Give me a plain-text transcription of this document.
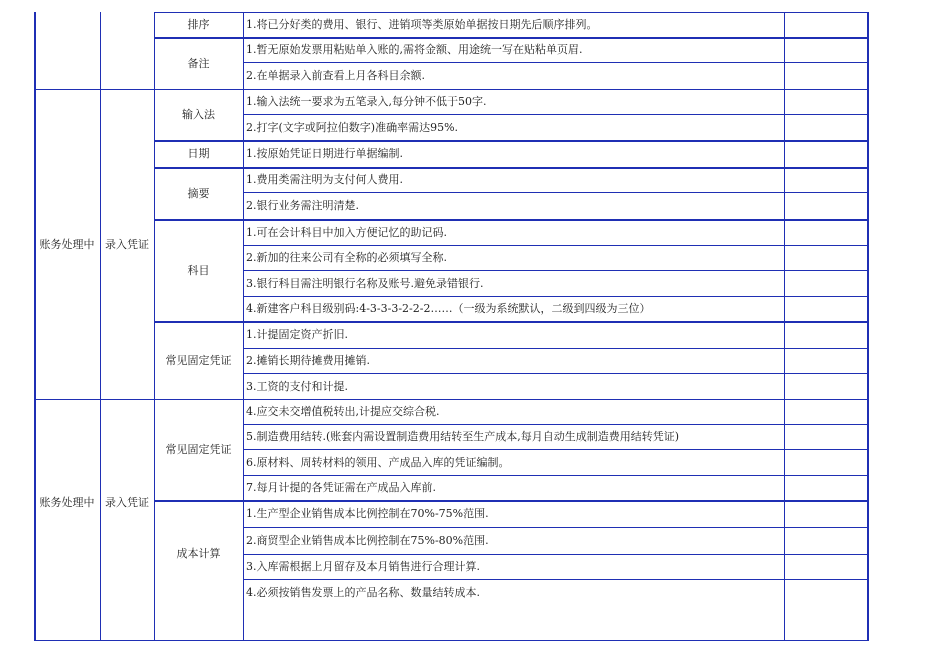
1.将已分好类的费用、银行、进销项等类原始单据按日期先后顺序排列。
排序
1.暂无原始发票用粘贴单入账的,需将金额、用途统一写在贴粘单页眉.
2.在单据录入前查看上月各科目余额.
备注
1.输入法统一要求为五笔录入,每分钟不低于50字.
2.打字(文字或阿拉伯数字)准确率需达95%.
输入法
1.按原始凭证日期进行单据编制.
日期
1.费用类需注明为支付何人费用.
2.银行业务需注明清楚.
摘要
1.可在会计科目中加入方便记忆的助记码.
2.新加的往来公司有全称的必须填写全称.
3.银行科目需注明银行名称及账号.避免录错银行.
4.新建客户科目级别码:4-3-3-3-2-2-2……（一级为系统默认，二级到四级为三位）
科目
1.计提固定资产折旧.
2.摊销长期待摊费用摊销.
3.工资的支付和计提.
常见固定凭证
账务处理中 录入凭证
4.应交未交增值税转出,计提应交综合税.
5.制造费用结转.(账套内需设置制造费用结转至生产成本,每月自动生成制造费用结转凭证)
6.原材料、周转材料的领用、产成品入库的凭证编制。
7.每月计提的各凭证需在产成品入库前.
常见固定凭证
1.生产型企业销售成本比例控制在70%-75%范围.
2.商贸型企业销售成本比例控制在75%-80%范围.
3.入库需根据上月留存及本月销售进行合理计算.
4.必须按销售发票上的产品名称、数量结转成本.
成本计算
账务处理中 录入凭证
